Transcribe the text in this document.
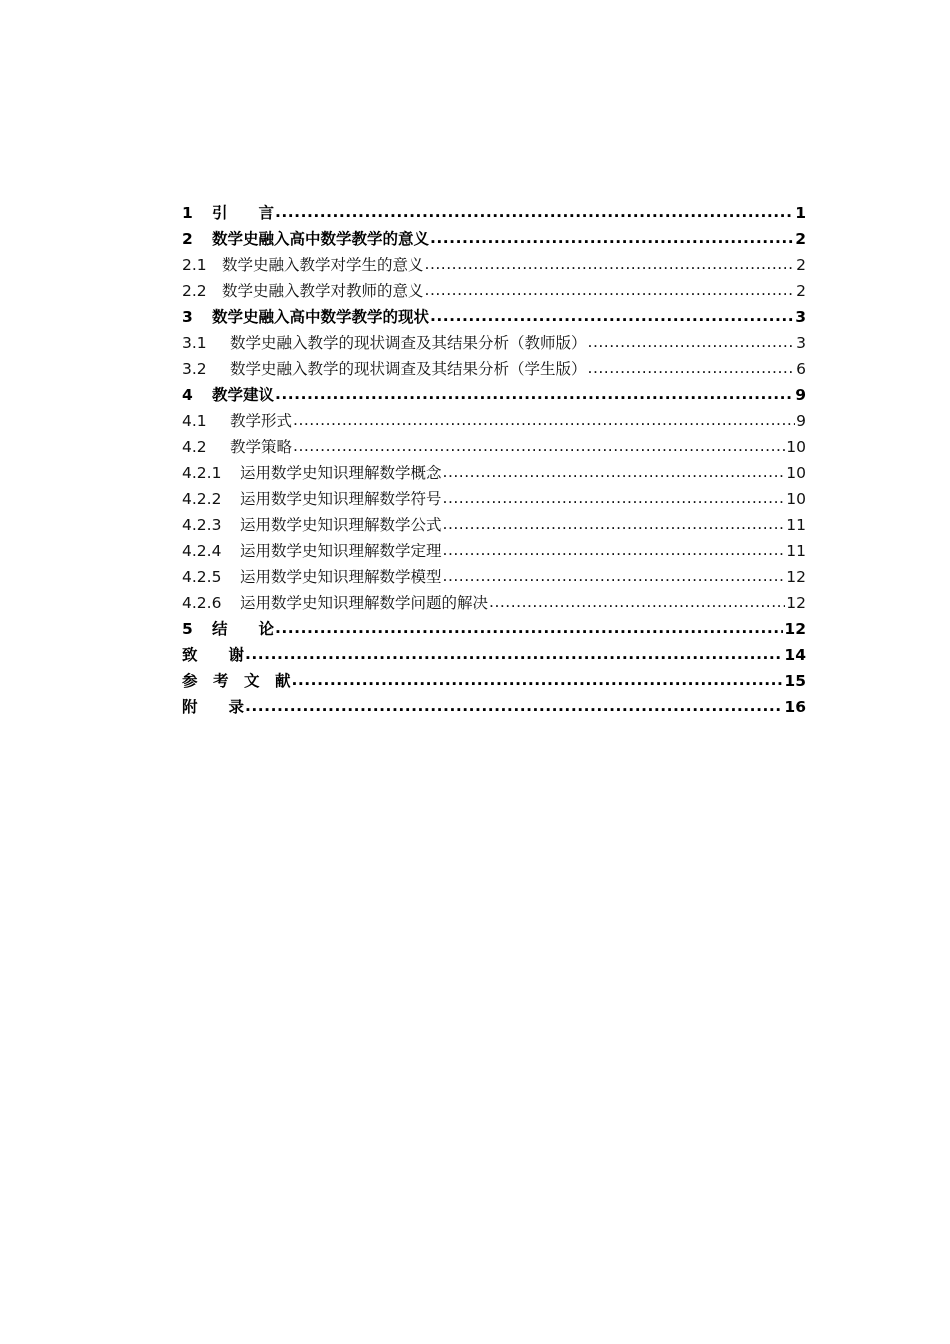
1 引　　言 .....	1
2 数学史融入高中数学教学的意义 .....	2
2.1 数学史融入教学对学生的意义 .....	2
2.2 数学史融入教学对教师的意义 .....	2
3 数学史融入高中数学教学的现状 .....	3
3.1 数学史融入教学的现状调查及其结果分析（教师版） .....	3
3.2 数学史融入教学的现状调查及其结果分析（学生版） .....	6
4 教学建议 .....	9
4.1 教学形式 .....	9
4.2 教学策略 .....	10
4.2.1 运用数学史知识理解数学概念 .....	10
4.2.2 运用数学史知识理解数学符号 .....	10
4.2.3 运用数学史知识理解数学公式 .....	11
4.2.4 运用数学史知识理解数学定理 .....	11
4.2.5 运用数学史知识理解数学模型 .....	12
4.2.6 运用数学史知识理解数学问题的解决 .....	12
5 结　　论 .....	12
致　　谢 .....	14
参　考　文　献 .....	15
附　　录 .....	16
